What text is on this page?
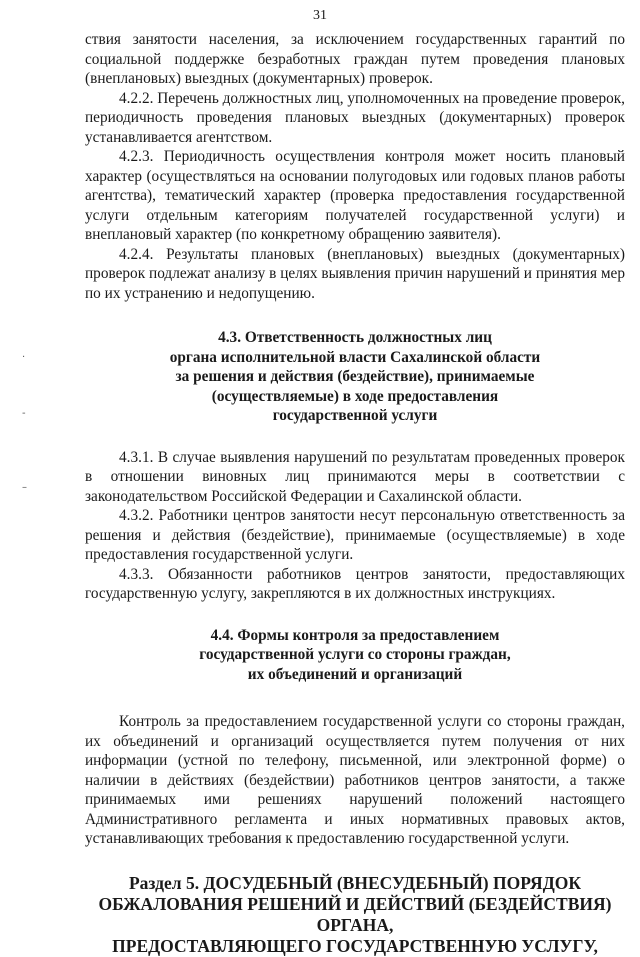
31
·
-
–

ствия занятости населения, за исключением государственных гарантий по социальной поддержке безработных граждан путем проведения плановых (внеплановых) выездных (документарных) проверок.

4.2.2. Перечень должностных лиц, уполномоченных на проведение проверок, периодичность проведения плановых выездных (документарных) проверок устанавливается агентством.

4.2.3. Периодичность осуществления контроля может носить плановый характер (осуществляться на основании полугодовых или годовых планов работы агентства), тематический характер (проверка предоставления государственной услуги отдельным категориям получателей государственной услуги) и внеплановый характер (по конкретному обращению заявителя).

4.2.4. Результаты плановых (внеплановых) выездных (документарных) проверок подлежат анализу в целях выявления причин нарушений и принятия мер по их устранению и недопущению.

4.3. Ответственность должностных лиц
органа исполнительной власти Сахалинской области
за решения и действия (бездействие), принимаемые
(осуществляемые) в ходе предоставления
государственной услуги

4.3.1. В случае выявления нарушений по результатам проведенных проверок в отношении виновных лиц принимаются меры в соответствии с законодательством Российской Федерации и Сахалинской области.

4.3.2. Работники центров занятости несут персональную ответственность за решения и действия (бездействие), принимаемые (осуществляемые) в ходе предоставления государственной услуги.

4.3.3. Обязанности работников центров занятости, предоставляющих государственную услугу, закрепляются в их должностных инструкциях.

4.4. Формы контроля за предоставлением
государственной услуги со стороны граждан,
их объединений и организаций

Контроль за предоставлением государственной услуги со стороны граждан, их объединений и организаций осуществляется путем получения от них информации (устной по телефону, письменной, или электронной форме) о наличии в действиях (бездействии) работников центров занятости, а также принимаемых ими решениях нарушений положений настоящего Административного регламента и иных нормативных правовых актов, устанавливающих требования к предоставлению государственной услуги.

Раздел 5. ДОСУДЕБНЫЙ (ВНЕСУДЕБНЫЙ) ПОРЯДОК
ОБЖАЛОВАНИЯ РЕШЕНИЙ И ДЕЙСТВИЙ (БЕЗДЕЙСТВИЯ) ОРГАНА,
ПРЕДОСТАВЛЯЮЩЕГО ГОСУДАРСТВЕННУЮ УСЛУГУ,
